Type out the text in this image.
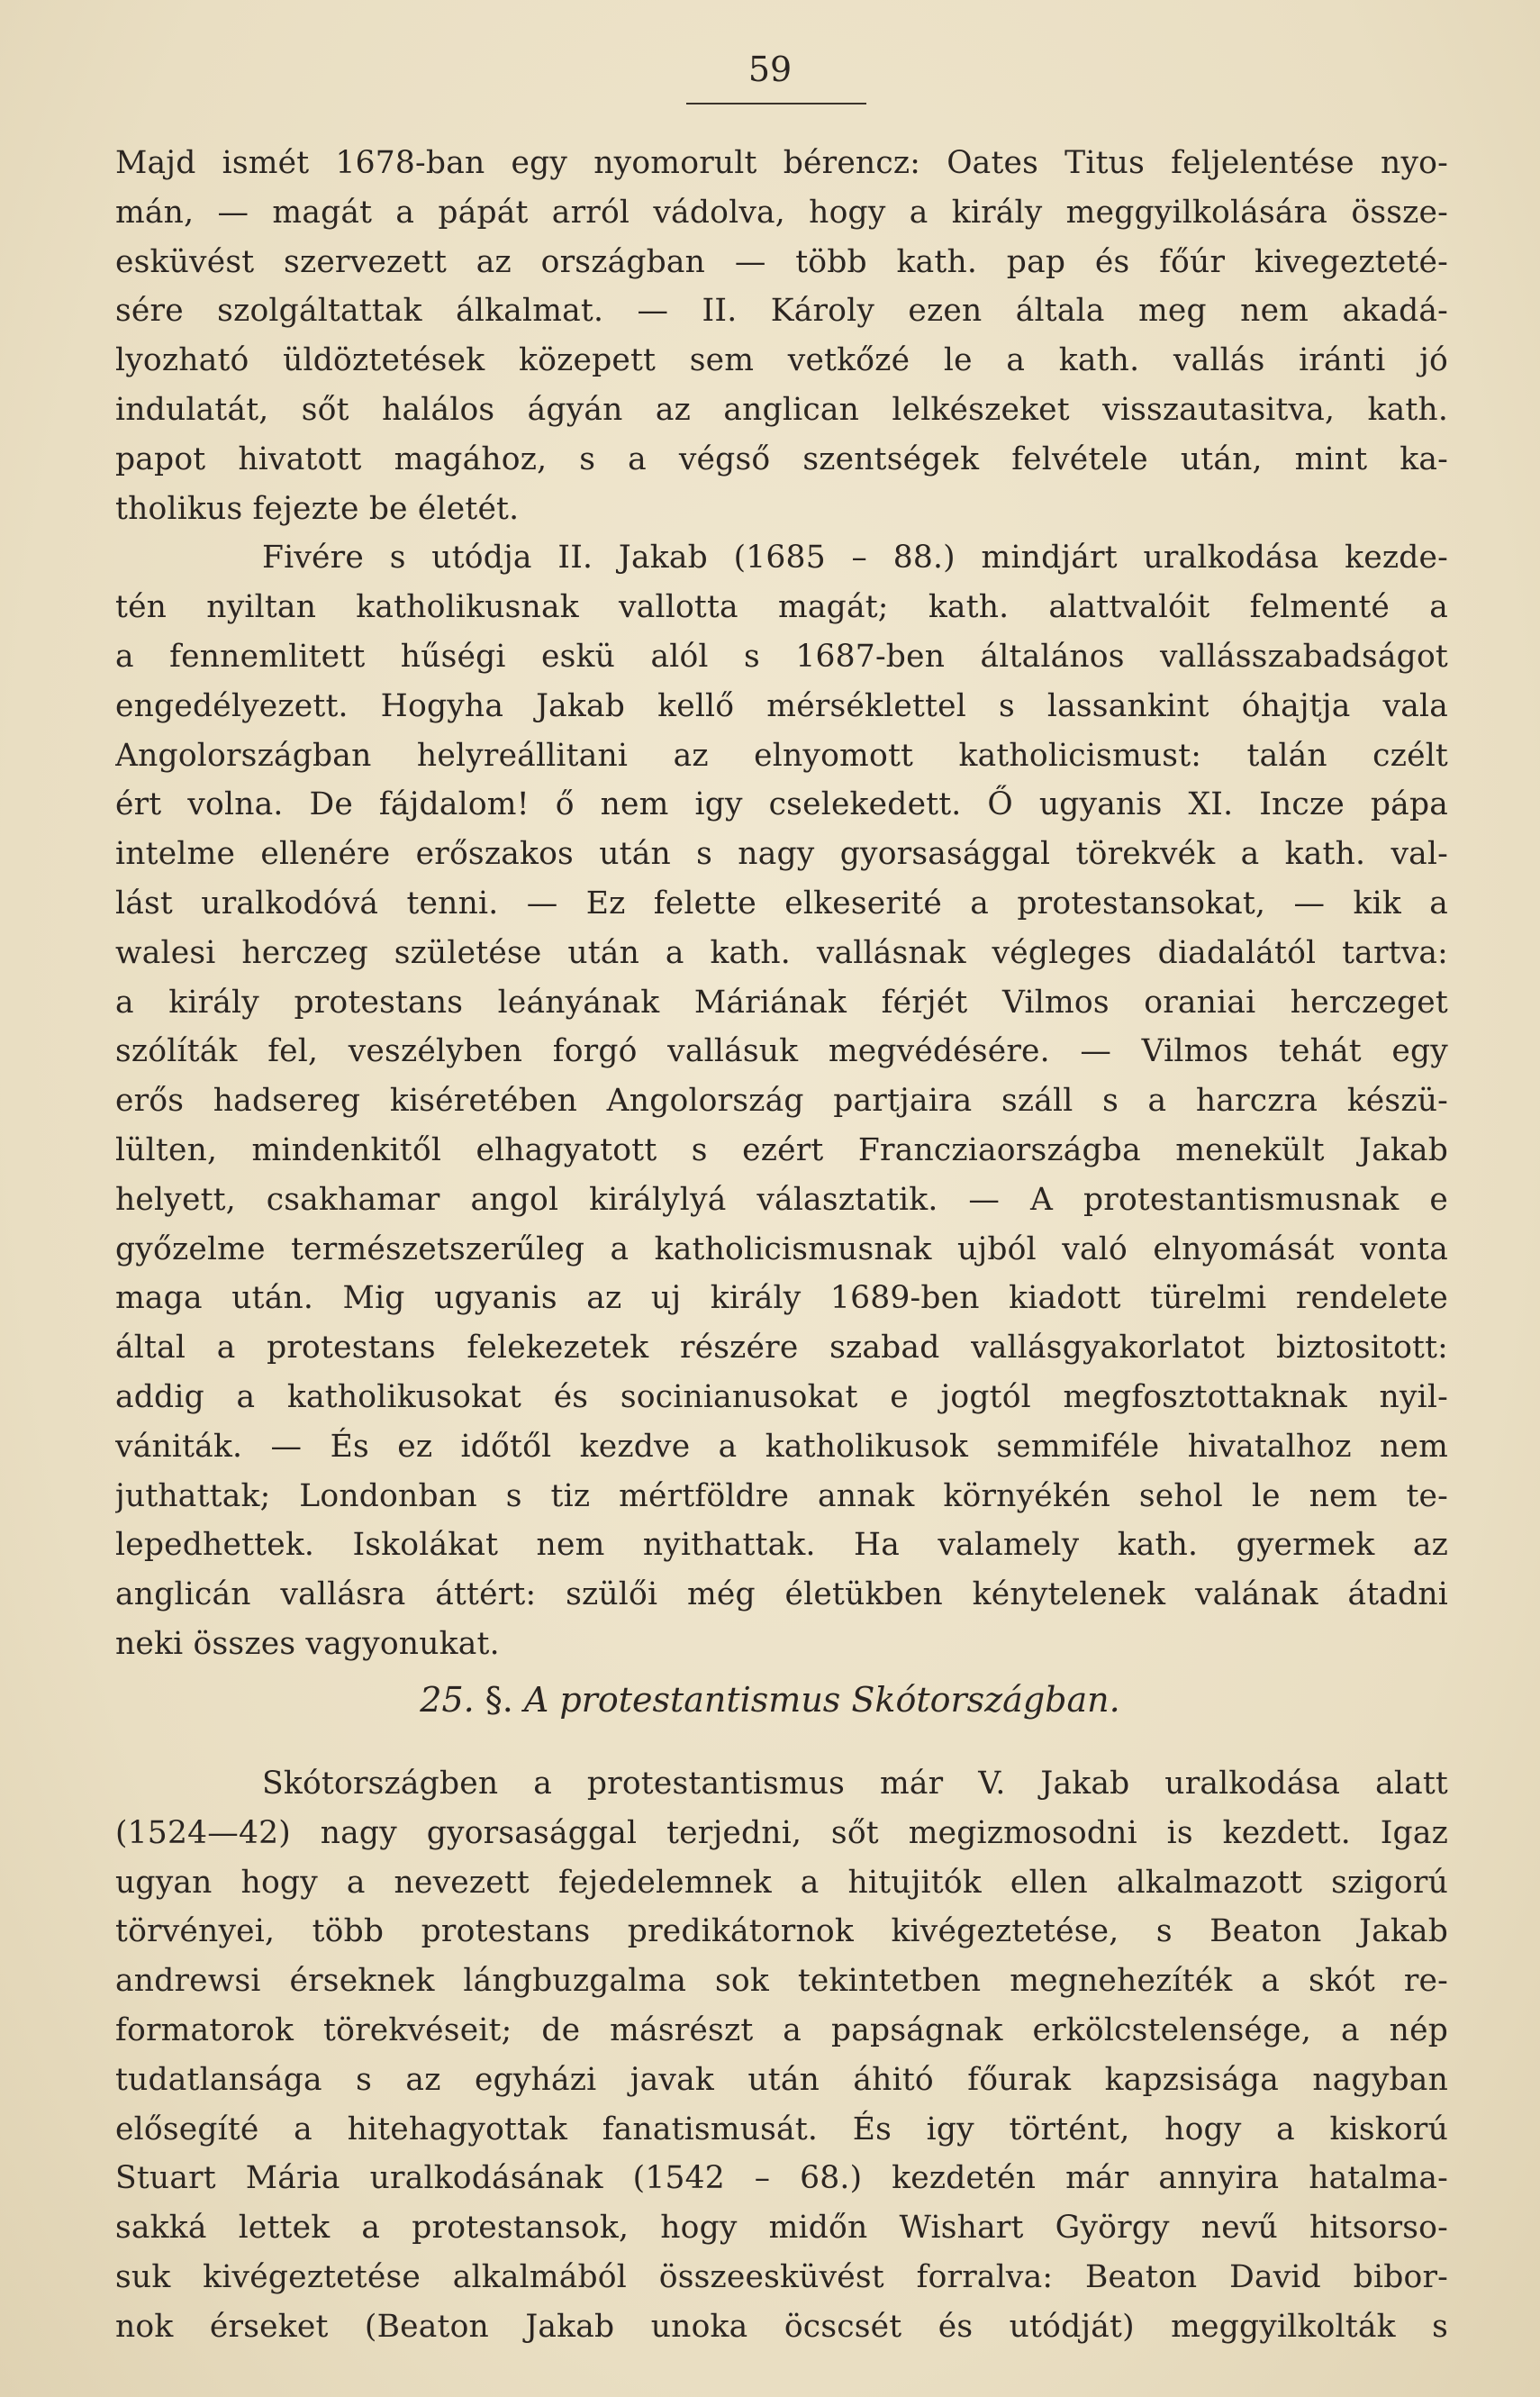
59
Majd ismét 1678-ban egy nyomorult bérencz: Oates Titus feljelentése nyo-
mán, — magát a pápát arról vádolva, hogy a király meggyilkolására össze-
esküvést szervezett az országban — több kath. pap és főúr kivegezteté-
sére szolgáltattak álkalmat. — II. Károly ezen általa meg nem akadá-
lyozható üldöztetések közepett sem vetkőzé le a kath. vallás iránti jó
indulatát, sőt halálos ágyán az anglican lelkészeket visszautasitva, kath.
papot hivatott magához, s a végső szentségek felvétele után, mint ka-
tholikus fejezte be életét.
Fivére s utódja II. Jakab (1685 – 88.) mindjárt uralkodása kezde-
tén nyiltan katholikusnak vallotta magát; kath. alattvalóit felmenté a
a fennemlitett hűségi eskü alól s 1687-ben általános vallásszabadságot
engedélyezett. Hogyha Jakab kellő mérséklettel s lassankint óhajtja vala
Angolországban helyreállitani az elnyomott katholicismust: talán czélt
ért volna. De fájdalom! ő nem igy cselekedett. Ő ugyanis XI. Incze pápa
intelme ellenére erőszakos után s nagy gyorsasággal törekvék a kath. val-
lást uralkodóvá tenni. — Ez felette elkeserité a protestansokat, — kik a
walesi herczeg születése után a kath. vallásnak végleges diadalától tartva:
a király protestans leányának Máriának férjét Vilmos oraniai herczeget
szólíták fel, veszélyben forgó vallásuk megvédésére. — Vilmos tehát egy
erős hadsereg kiséretében Angolország partjaira száll s a harczra készü-
lülten, mindenkitől elhagyatott s ezért Francziaországba menekült Jakab
helyett, csakhamar angol királylyá választatik. — A protestantismusnak e
győzelme természetszerűleg a katholicismusnak ujból való elnyomását vonta
maga után. Mig ugyanis az uj király 1689-ben kiadott türelmi rendelete
által a protestans felekezetek részére szabad vallásgyakorlatot biztositott:
addig a katholikusokat és socinianusokat e jogtól megfosztottaknak nyil-
vániták. — És ez időtől kezdve a katholikusok semmiféle hivatalhoz nem
juthattak; Londonban s tiz mértföldre annak környékén sehol le nem te-
lepedhettek. Iskolákat nem nyithattak. Ha valamely kath. gyermek az
anglicán vallásra áttért: szülői még életükben kénytelenek valának átadni
neki összes vagyonukat.
25. §. A protestantismus Skótországban.
Skótországben a protestantismus már V. Jakab uralkodása alatt
(1524—42) nagy gyorsasággal terjedni, sőt megizmosodni is kezdett. Igaz
ugyan hogy a nevezett fejedelemnek a hitujitók ellen alkalmazott szigorú
törvényei, több protestans predikátornok kivégeztetése, s Beaton Jakab
andrewsi érseknek lángbuzgalma sok tekintetben megnehezíték a skót re-
formatorok törekvéseit; de másrészt a papságnak erkölcstelensége, a nép
tudatlansága s az egyházi javak után áhitó főurak kapzsisága nagyban
elősegíté a hitehagyottak fanatismusát. És igy történt, hogy a kiskorú
Stuart Mária uralkodásának (1542 – 68.) kezdetén már annyira hatalma-
sakká lettek a protestansok, hogy midőn Wishart György nevű hitsorso-
suk kivégeztetése alkalmából összeesküvést forralva: Beaton David bibor-
nok érseket (Beaton Jakab unoka öcscsét és utódját) meggyilkolták s
